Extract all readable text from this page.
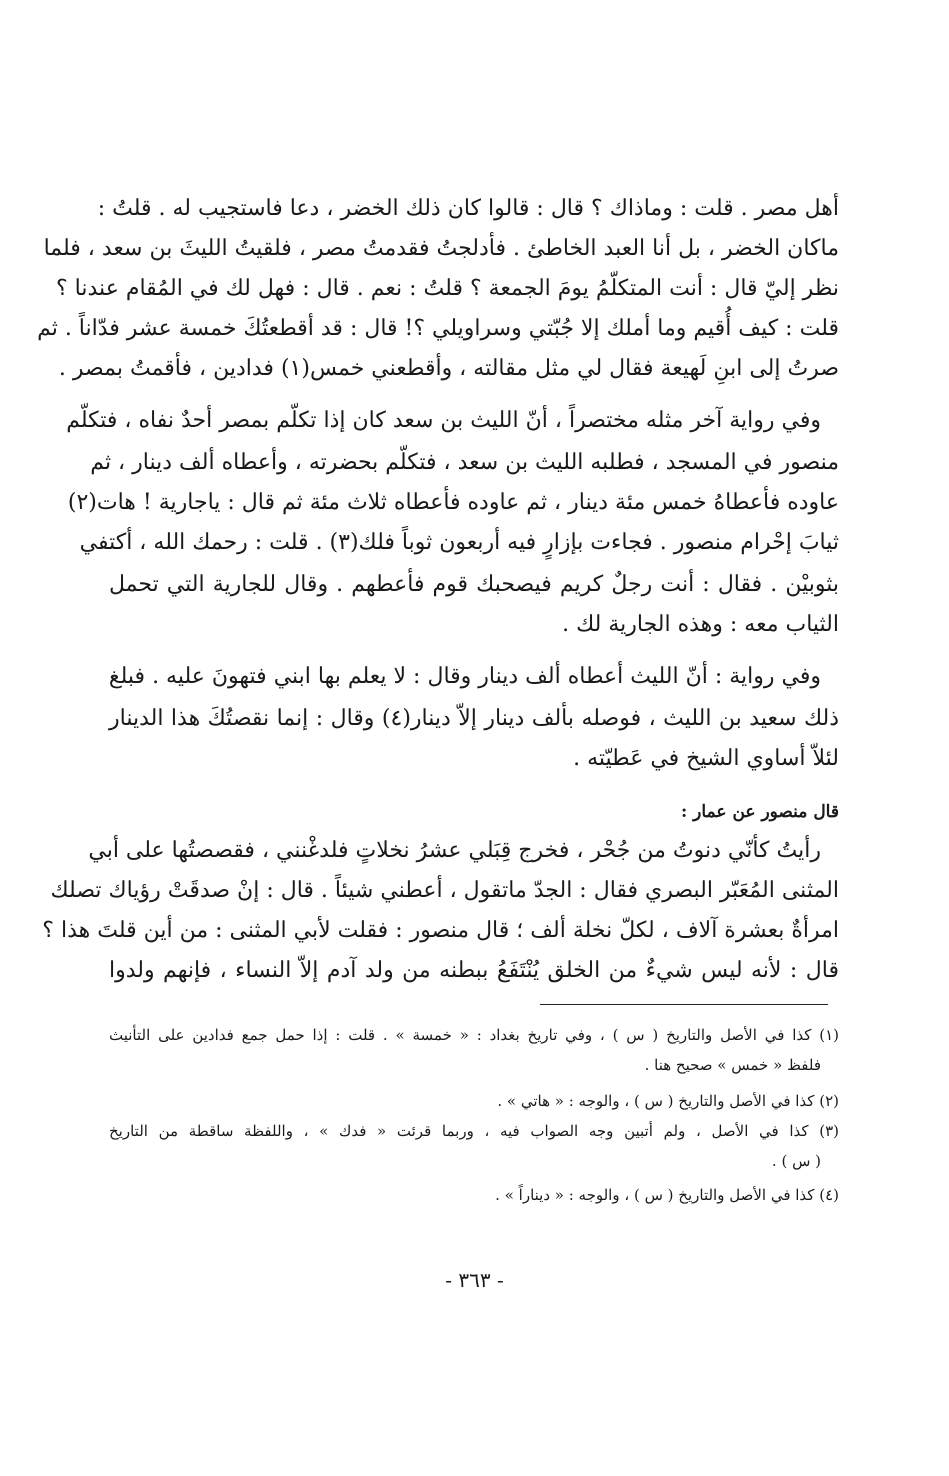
أهل مصر . قلت : وماذاك ؟ قال : قالوا كان ذلك الخضر ، دعا فاستجيب له . قلتُ :
ماكان الخضر ، بل أنا العبد الخاطئ . فأدلجتُ فقدمتُ مصر ، فلقيتُ الليثَ بن سعد ، فلما
نظر إليّ قال : أنت المتكلّمُ يومَ الجمعة ؟ قلتُ : نعم . قال : فهل لك في المُقام عندنا ؟
قلت : كيف أُقيم وما أملك إلا جُبّتي وسراويلي ؟! قال : قد أقطعتُكَ خمسة عشر فدّاناً . ثم
صرتُ إلى ابنِ لَهيعة فقال لي مثل مقالته ، وأقطعني خمس(١) فدادين ، فأقمتُ بمصر .
وفي رواية آخر مثله مختصراً ، أنّ الليث بن سعد كان إذا تكلّم بمصر أحدٌ نفاه ، فتكلّم
منصور في المسجد ، فطلبه الليث بن سعد ، فتكلّم بحضرته ، وأعطاه ألف دينار ، ثم
عاوده فأعطاهُ خمس مئة دينار ، ثم عاوده فأعطاه ثلاث مئة ثم قال : ياجارية ! هات(٢)
ثيابَ إحْرام منصور . فجاءت بإزارٍ فيه أربعون ثوباً فلك(٣) . قلت : رحمك الله ، أكتفي
بثوبيْن . فقال : أنت رجلٌ كريم فيصحبك قوم فأعطهم . وقال للجارية التي تحمل
الثياب معه : وهذه الجارية لك .
وفي رواية : أنّ الليث أعطاه ألف دينار وقال : لا يعلم بها ابني فتهونَ عليه . فبلغ
ذلك سعيد بن الليث ، فوصله بألف دينار إلاّ دينار(٤) وقال : إنما نقصتُكَ هذا الدينار
لئلاّ أساوي الشيخ في عَطيّته .
قال منصور عن عمار :
رأيتُ كأنّي دنوتُ من جُحْر ، فخرج قِبَلي عشرُ نخلاتٍ فلدغْنني ، فقصصتُها على أبي
المثنى المُعَبّر البصري فقال : الجدّ ماتقول ، أعطني شيئاً . قال : إنْ صدقَتْ رؤياك تصلك
امرأةٌ بعشرة آلاف ، لكلّ نخلة ألف ؛ قال منصور : فقلت لأبي المثنى : من أين قلتَ هذا ؟
قال : لأنه ليس شيءٌ من الخلق يُنْتَفَعُ ببطنه من ولد آدم إلاّ النساء ، فإنهم ولدوا
(١) كذا في الأصل والتاريخ ( س ) ، وفي تاريخ بغداد : « خمسة » . قلت : إذا حمل جمع فدادين على التأنيث
فلفظ « خمس » صحيح هنا .
(٢) كذا في الأصل والتاريخ ( س ) ، والوجه : « هاتي » .
(٣) كذا في الأصل ، ولم أتبين وجه الصواب فيه ، وربما قرئت « فدك » ، واللفظة ساقطة من التاريخ
( س ) .
(٤) كذا في الأصل والتاريخ ( س ) ، والوجه : « ديناراً » .
- ٣٦٣ -
